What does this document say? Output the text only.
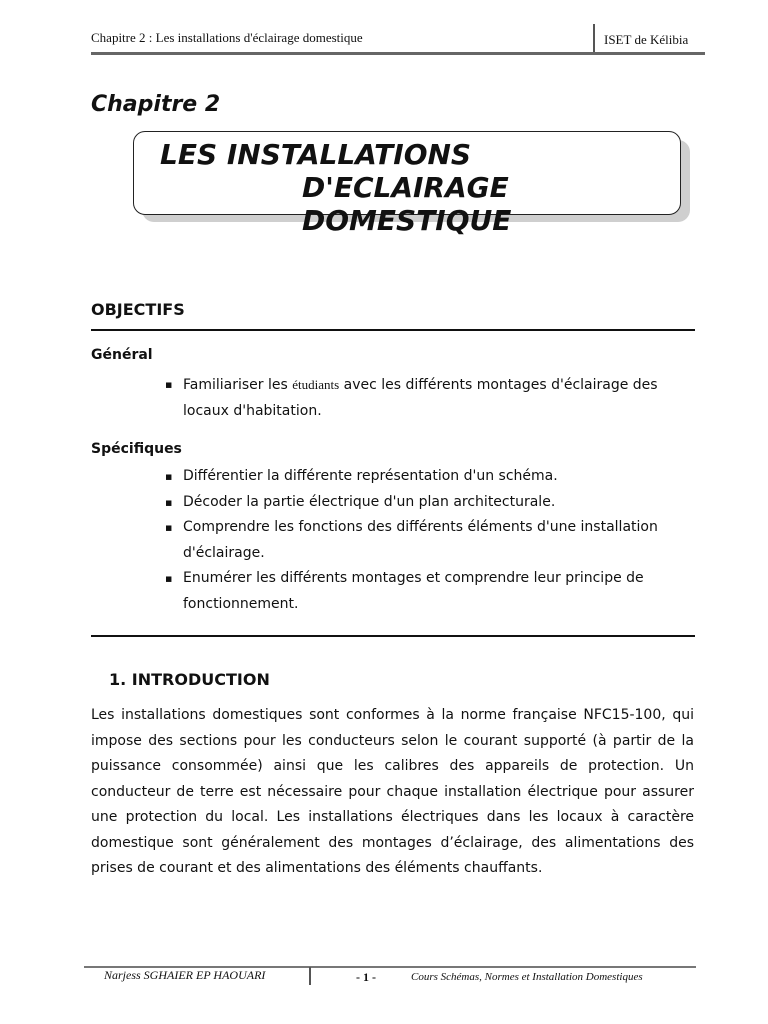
Chapitre 2 : Les installations d'éclairage domestique	ISET de Kélibia
Chapitre 2
LES INSTALLATIONS
D'ECLAIRAGE
DOMESTIQUE
OBJECTIFS
Général
▪ Familiariser les étudiants avec les différents montages d'éclairage des locaux d'habitation.
Spécifiques
▪ Différentier la différente représentation d'un schéma.
▪ Décoder la partie électrique d'un plan architecturale.
▪ Comprendre les fonctions des différents éléments d'une installation d'éclairage.
▪ Enumérer les différents montages et comprendre leur principe de fonctionnement.
1. INTRODUCTION
Les installations domestiques sont conformes à la norme française NFC15-100, qui impose des sections pour les conducteurs selon le courant supporté (à partir de la puissance consommée) ainsi que les calibres des appareils de protection. Un conducteur de terre est nécessaire pour chaque installation électrique pour assurer une protection du local. Les installations électriques dans les locaux à caractère domestique sont généralement des montages d’éclairage, des alimentations des prises de courant et des alimentations des éléments chauffants.
Narjess SGHAIER EP HAOUARI	- 1 -	Cours Schémas, Normes et Installation Domestiques
